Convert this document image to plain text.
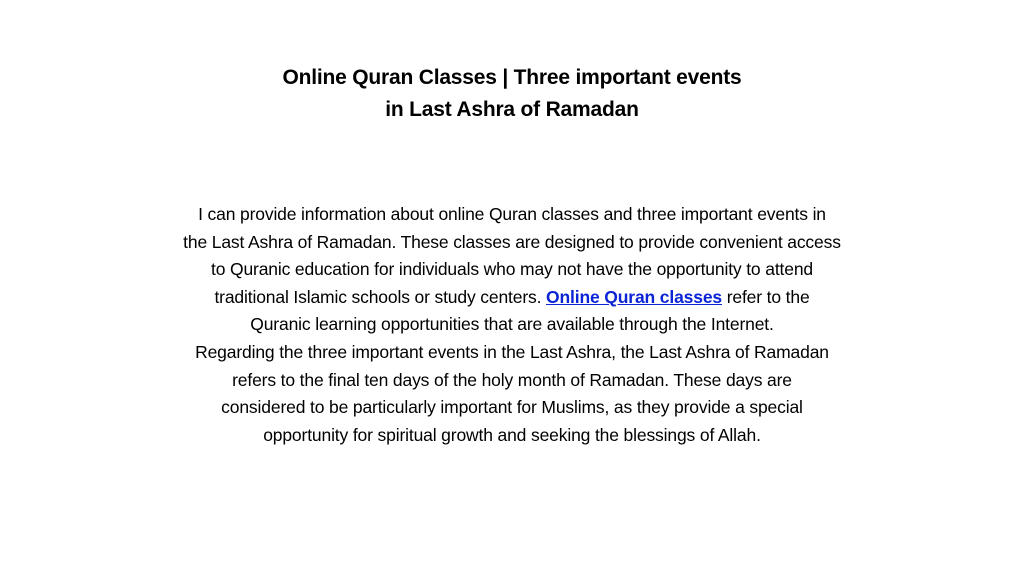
Online Quran Classes | Three important events
in Last Ashra of Ramadan
I can provide information about online Quran classes and three important events in
the Last Ashra of Ramadan. These classes are designed to provide convenient access
to Quranic education for individuals who may not have the opportunity to attend
traditional Islamic schools or study centers. Online Quran classes refer to the
Quranic learning opportunities that are available through the Internet.
Regarding the three important events in the Last Ashra, the Last Ashra of Ramadan
refers to the final ten days of the holy month of Ramadan. These days are
considered to be particularly important for Muslims, as they provide a special
opportunity for spiritual growth and seeking the blessings of Allah.
